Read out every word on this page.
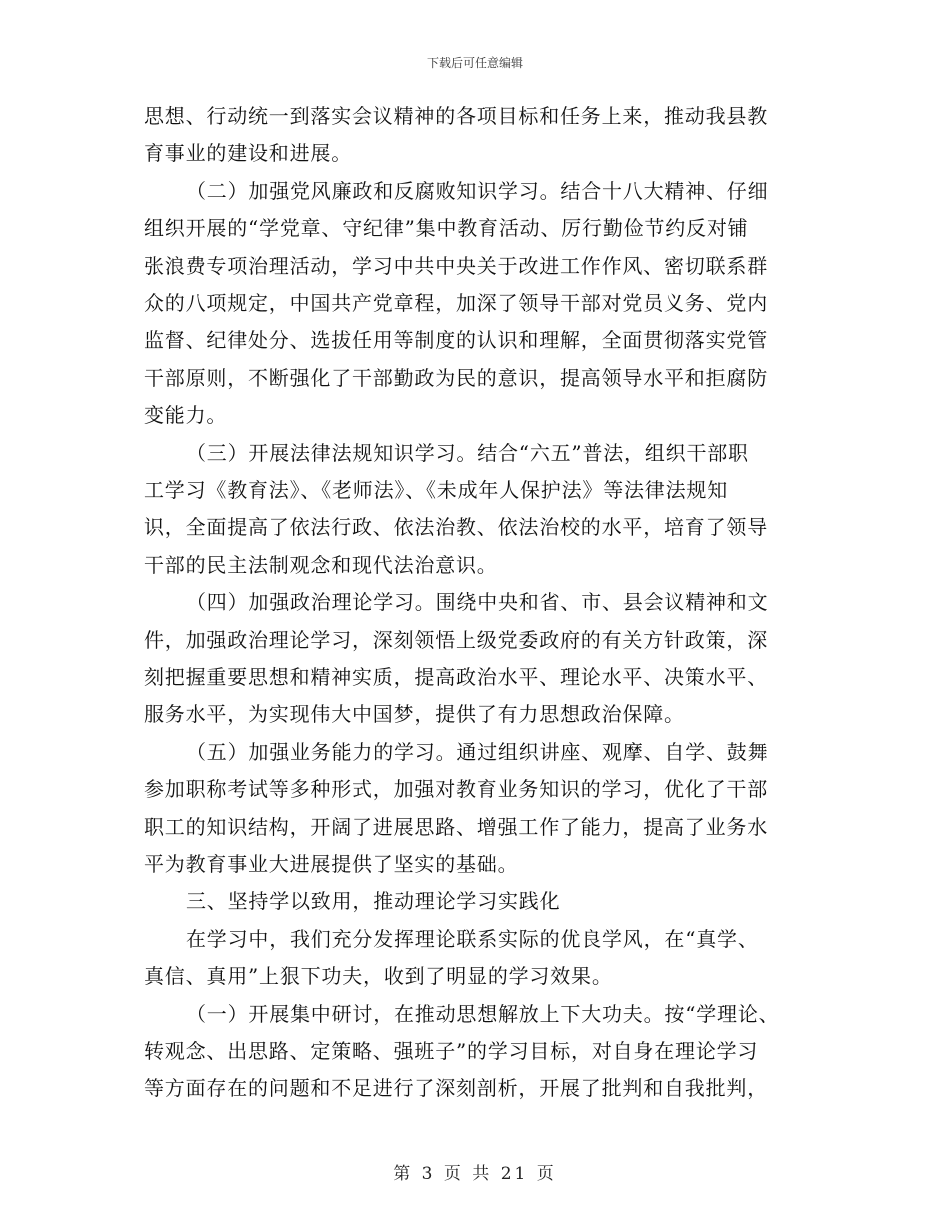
下载后可任意编辑
思想、行动统一到落实会议精神的各项目标和任务上来，推动我县教
育事业的建设和进展。
（二）加强党风廉政和反腐败知识学习。结合十八大精神、仔细
组织开展的“学党章、守纪律”集中教育活动、厉行勤俭节约反对铺
张浪费专项治理活动，学习中共中央关于改进工作作风、密切联系群
众的八项规定，中国共产党章程，加深了领导干部对党员义务、党内
监督、纪律处分、选拔任用等制度的认识和理解，全面贯彻落实党管
干部原则，不断强化了干部勤政为民的意识，提高领导水平和拒腐防
变能力。
（三）开展法律法规知识学习。结合“六五”普法，组织干部职
工学习《教育法》、《老师法》、《未成年人保护法》等法律法规知
识，全面提高了依法行政、依法治教、依法治校的水平，培育了领导
干部的民主法制观念和现代法治意识。
（四）加强政治理论学习。围绕中央和省、市、县会议精神和文
件，加强政治理论学习，深刻领悟上级党委政府的有关方针政策，深
刻把握重要思想和精神实质，提高政治水平、理论水平、决策水平、
服务水平，为实现伟大中国梦，提供了有力思想政治保障。
（五）加强业务能力的学习。通过组织讲座、观摩、自学、鼓舞
参加职称考试等多种形式，加强对教育业务知识的学习，优化了干部
职工的知识结构，开阔了进展思路、增强工作了能力，提高了业务水
平为教育事业大进展提供了坚实的基础。
三、坚持学以致用，推动理论学习实践化
在学习中，我们充分发挥理论联系实际的优良学风，在“真学、
真信、真用”上狠下功夫，收到了明显的学习效果。
（一）开展集中研讨，在推动思想解放上下大功夫。按“学理论、
转观念、出思路、定策略、强班子”的学习目标，对自身在理论学习
等方面存在的问题和不足进行了深刻剖析，开展了批判和自我批判，
第 3 页 共 21 页
